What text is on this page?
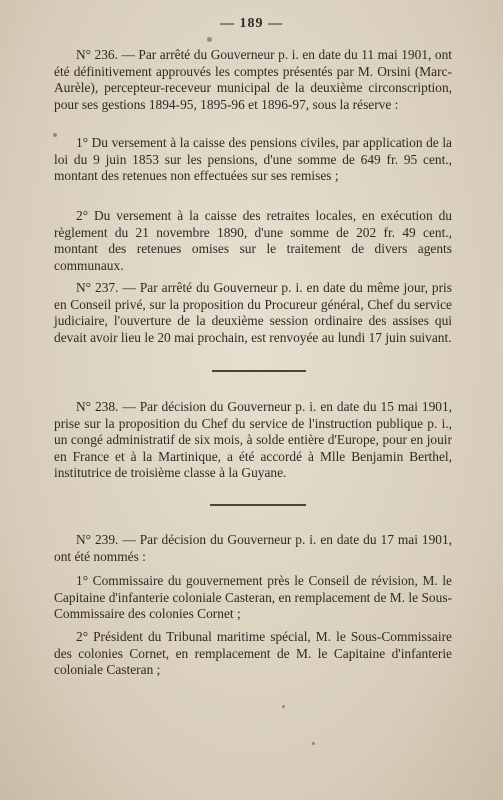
— 189 —

N° 236. — Par arrêté du Gouverneur p. i. en date du 11 mai 1901, ont été définitivement approuvés les comptes présentés par M. Orsini (Marc-Aurèle), percepteur-receveur municipal de la deuxième circonscription, pour ses gestions 1894-95, 1895-96 et 1896-97, sous la réserve :

1° Du versement à la caisse des pensions civiles, par application de la loi du 9 juin 1853 sur les pensions, d'une somme de 649 fr. 95 cent., montant des retenues non effectuées sur ses remises ;

2° Du versement à la caisse des retraites locales, en exécution du règlement du 21 novembre 1890, d'une somme de 202 fr. 49 cent., montant des retenues omises sur le traitement de divers agents communaux.

N° 237. — Par arrêté du Gouverneur p. i. en date du même jour, pris en Conseil privé, sur la proposition du Procureur général, Chef du service judiciaire, l'ouverture de la deuxième session ordinaire des assises qui devait avoir lieu le 20 mai prochain, est renvoyée au lundi 17 juin suivant.

N° 238. — Par décision du Gouverneur p. i. en date du 15 mai 1901, prise sur la proposition du Chef du service de l'instruction publique p. i., un congé administratif de six mois, à solde entière d'Europe, pour en jouir en France et à la Martinique, a été accordé à Mlle Benjamin Berthel, institutrice de troisième classe à la Guyane.

N° 239. — Par décision du Gouverneur p. i. en date du 17 mai 1901, ont été nommés :

1° Commissaire du gouvernement près le Conseil de révision, M. le Capitaine d'infanterie coloniale Casteran, en remplacement de M. le Sous-Commissaire des colonies Cornet ;

2° Président du Tribunal maritime spécial, M. le Sous-Commissaire des colonies Cornet, en remplacement de M. le Capitaine d'infanterie coloniale Casteran ;
